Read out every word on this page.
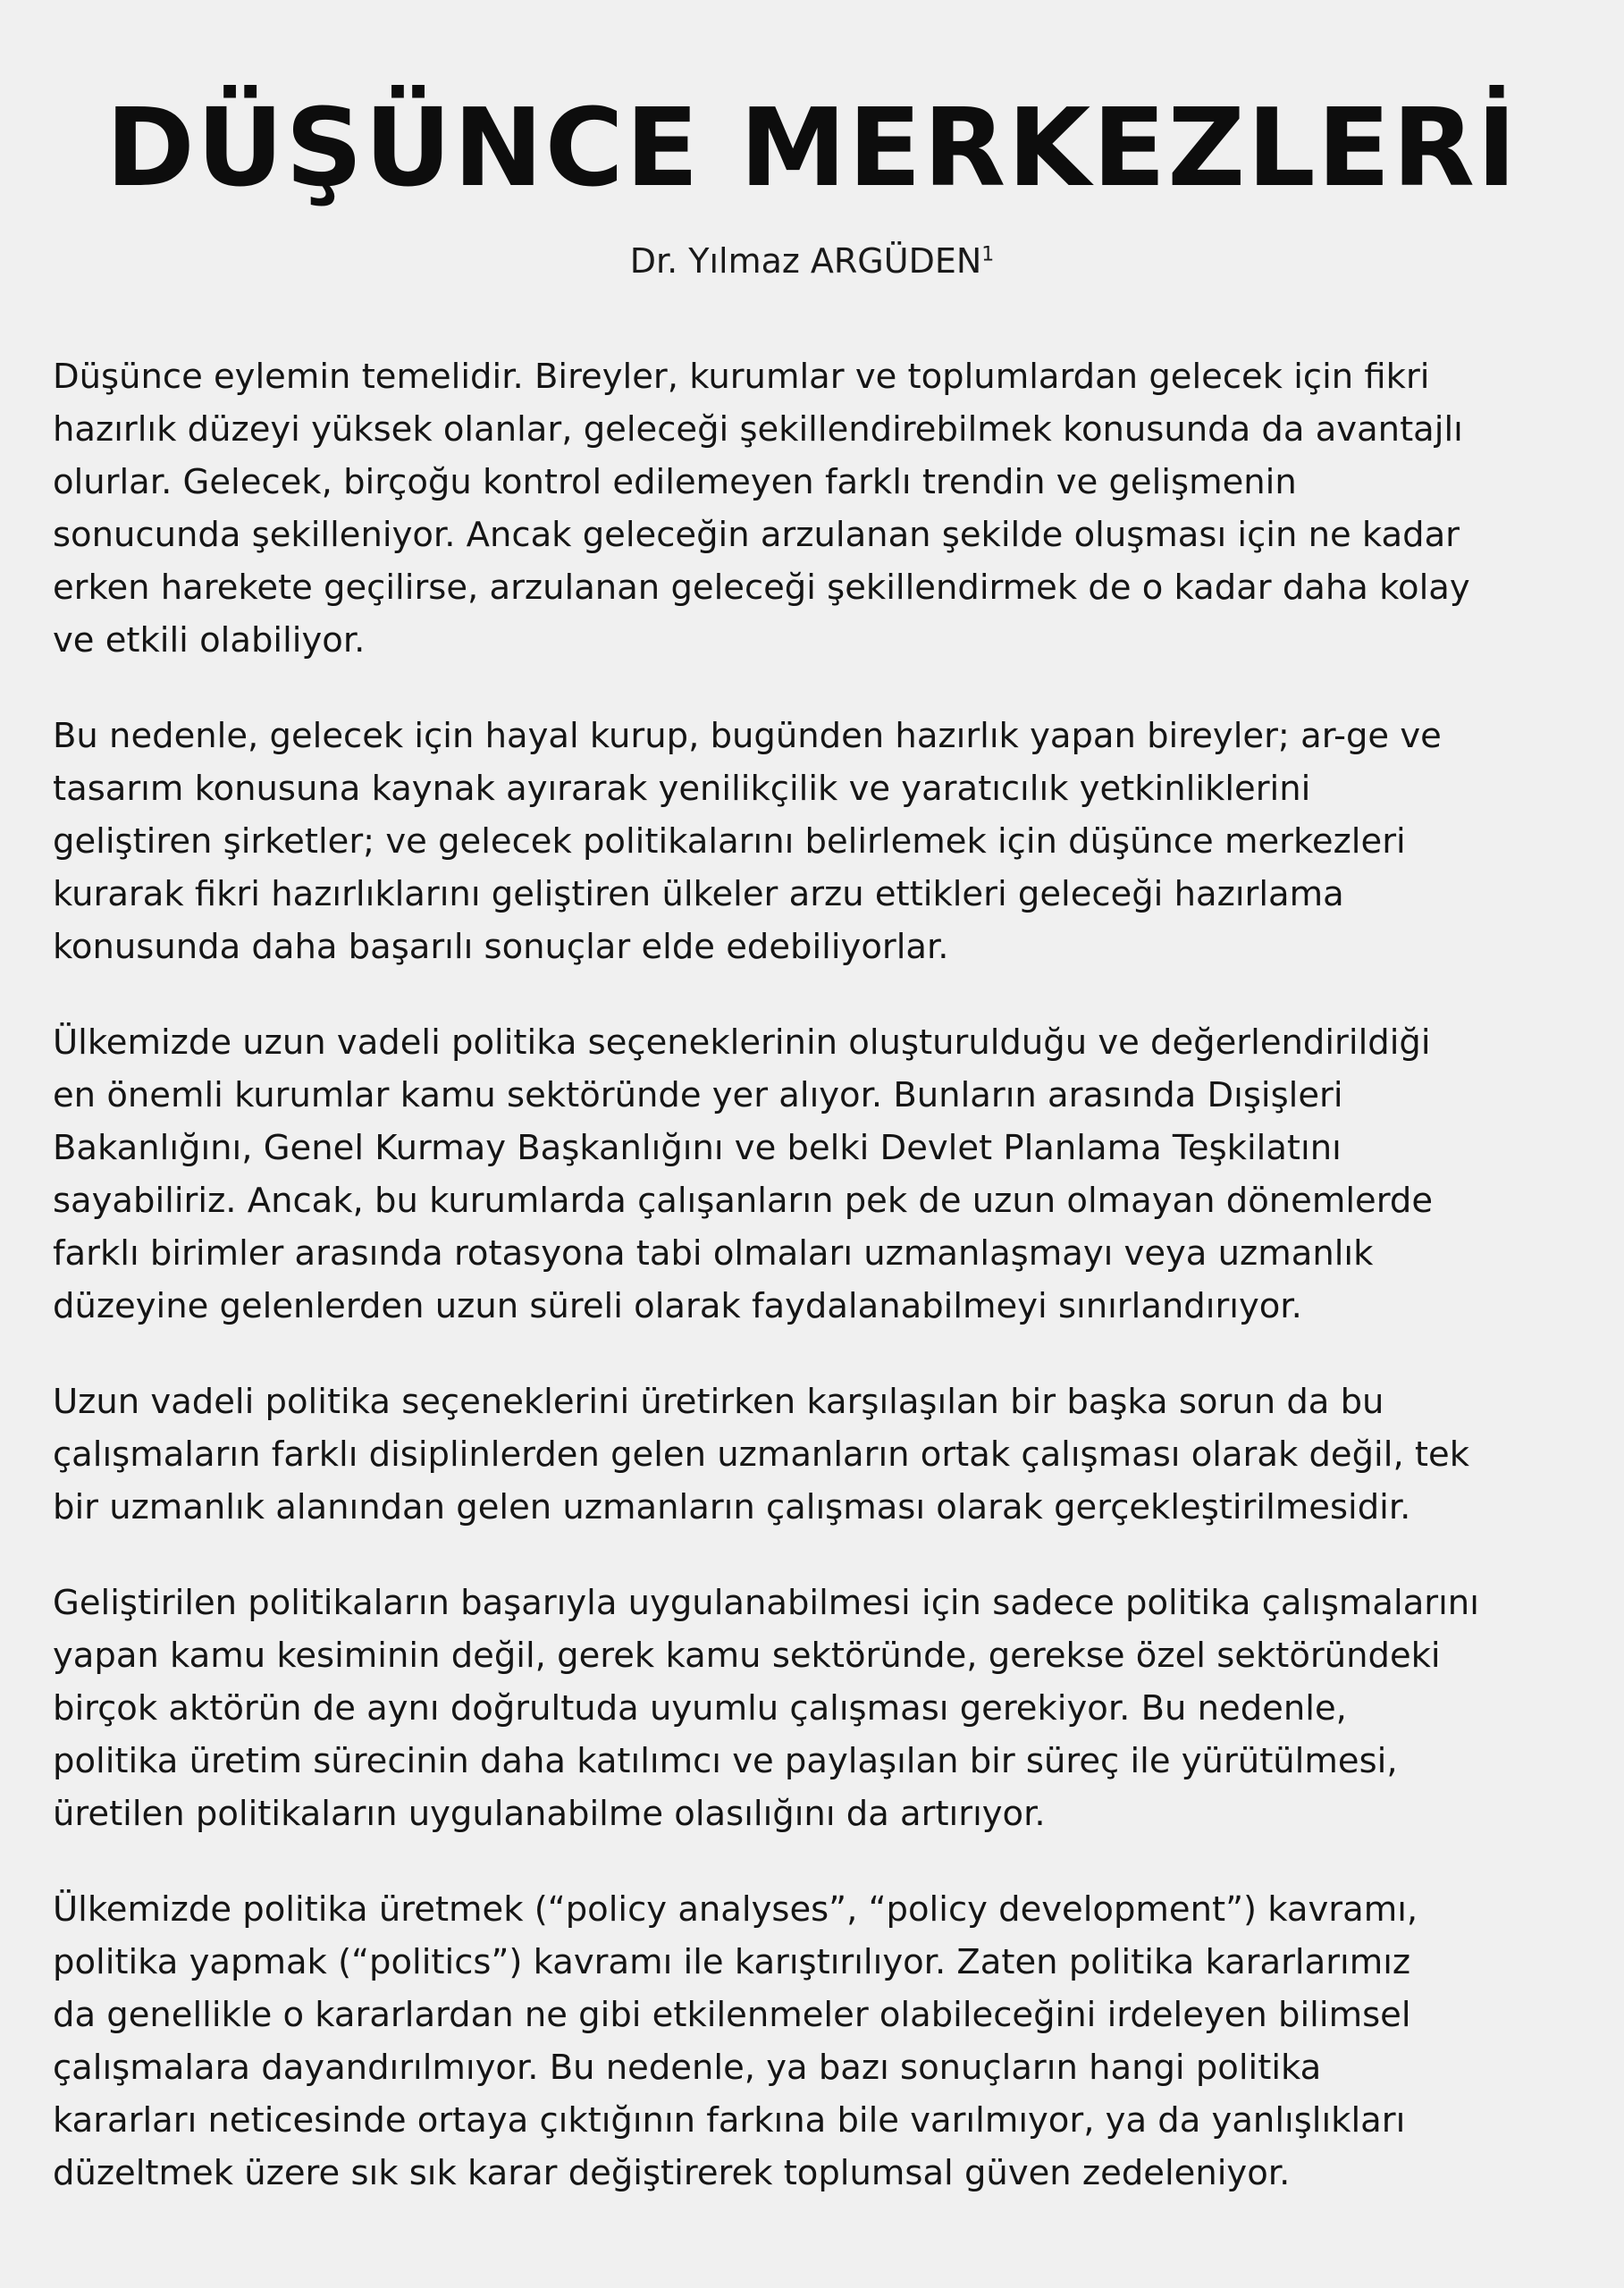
DÜŞÜNCE MERKEZLERİ

Dr. Yılmaz ARGÜDEN$^1$

Düşünce eylemin temelidir. Bireyler, kurumlar ve toplumlardan gelecek için fikri
hazırlık düzeyi yüksek olanlar, geleceği şekillendirebilmek konusunda da avantajlı
olurlar. Gelecek, birçoğu kontrol edilemeyen farklı trendin ve gelişmenin
sonucunda şekilleniyor. Ancak geleceğin arzulanan şekilde oluşması için ne kadar
erken harekete geçilirse, arzulanan geleceği şekillendirmek de o kadar daha kolay
ve etkili olabiliyor.

Bu nedenle, gelecek için hayal kurup, bugünden hazırlık yapan bireyler; ar-ge ve
tasarım konusuna kaynak ayırarak yenilikçilik ve yaratıcılık yetkinliklerini
geliştiren şirketler; ve gelecek politikalarını belirlemek için düşünce merkezleri
kurarak fikri hazırlıklarını geliştiren ülkeler arzu ettikleri geleceği hazırlama
konusunda daha başarılı sonuçlar elde edebiliyorlar.

Ülkemizde uzun vadeli politika seçeneklerinin oluşturulduğu ve değerlendirildiği
en önemli kurumlar kamu sektöründe yer alıyor. Bunların arasında Dışişleri
Bakanlığını, Genel Kurmay Başkanlığını ve belki Devlet Planlama Teşkilatını
sayabiliriz. Ancak, bu kurumlarda çalışanların pek de uzun olmayan dönemlerde
farklı birimler arasında rotasyona tabi olmaları uzmanlaşmayı veya uzmanlık
düzeyine gelenlerden uzun süreli olarak faydalanabilmeyi sınırlandırıyor.

Uzun vadeli politika seçeneklerini üretirken karşılaşılan bir başka sorun da bu
çalışmaların farklı disiplinlerden gelen uzmanların ortak çalışması olarak değil, tek
bir uzmanlık alanından gelen uzmanların çalışması olarak gerçekleştirilmesidir.

Geliştirilen politikaların başarıyla uygulanabilmesi için sadece politika çalışmalarını
yapan kamu kesiminin değil, gerek kamu sektöründe, gerekse özel sektöründeki
birçok aktörün de aynı doğrultuda uyumlu çalışması gerekiyor. Bu nedenle,
politika üretim sürecinin daha katılımcı ve paylaşılan bir süreç ile yürütülmesi,
üretilen politikaların uygulanabilme olasılığını da artırıyor.

Ülkemizde politika üretmek (“policy analyses”, “policy development”) kavramı,
politika yapmak (“politics”) kavramı ile karıştırılıyor. Zaten politika kararlarımız
da genellikle o kararlardan ne gibi etkilenmeler olabileceğini irdeleyen bilimsel
çalışmalara dayandırılmıyor. Bu nedenle, ya bazı sonuçların hangi politika
kararları neticesinde ortaya çıktığının farkına bile varılmıyor, ya da yanlışlıkları
düzeltmek üzere sık sık karar değiştirerek toplumsal güven zedeleniyor.
